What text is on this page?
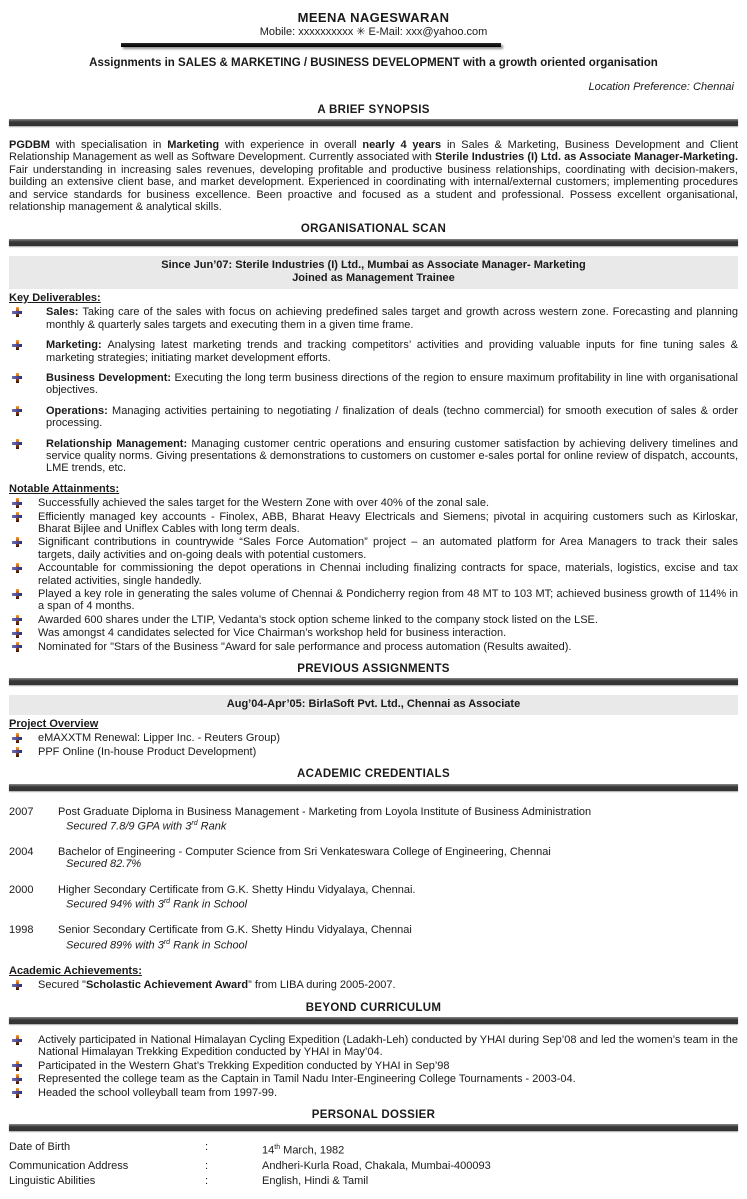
MEENA NAGESWARAN
Mobile: xxxxxxxxxx ✳ E-Mail: xxx@yahoo.com
Assignments in SALES & MARKETING / BUSINESS DEVELOPMENT with a growth oriented organisation
Location Preference: Chennai
A BRIEF SYNOPSIS
PGDBM with specialisation in Marketing with experience in overall nearly 4 years in Sales & Marketing, Business Development and Client Relationship Management as well as Software Development. Currently associated with Sterile Industries (I) Ltd. as Associate Manager-Marketing. Fair understanding in increasing sales revenues, developing profitable and productive business relationships, coordinating with decision-makers, building an extensive client base, and market development. Experienced in coordinating with internal/external customers; implementing procedures and service standards for business excellence. Been proactive and focused as a student and professional. Possess excellent organisational, relationship management & analytical skills.
ORGANISATIONAL SCAN
Since Jun’07: Sterile Industries (I) Ltd., Mumbai as Associate Manager- Marketing
Joined as Management Trainee
Key Deliverables:
Sales: Taking care of the sales with focus on achieving predefined sales target and growth across western zone. Forecasting and planning monthly & quarterly sales targets and executing them in a given time frame.
Marketing: Analysing latest marketing trends and tracking competitors’ activities and providing valuable inputs for fine tuning sales & marketing strategies; initiating market development efforts.
Business Development: Executing the long term business directions of the region to ensure maximum profitability in line with organisational objectives.
Operations: Managing activities pertaining to negotiating / finalization of deals (techno commercial) for smooth execution of sales & order processing.
Relationship Management: Managing customer centric operations and ensuring customer satisfaction by achieving delivery timelines and service quality norms. Giving presentations & demonstrations to customers on customer e-sales portal for online review of dispatch, accounts, LME trends, etc.
Notable Attainments:
Successfully achieved the sales target for the Western Zone with over 40% of the zonal sale.
Efficiently managed key accounts - Finolex, ABB, Bharat Heavy Electricals and Siemens; pivotal in acquiring customers such as Kirloskar, Bharat Bijlee and Uniflex Cables with long term deals.
Significant contributions in countrywide “Sales Force Automation” project – an automated platform for Area Managers to track their sales targets, daily activities and on-going deals with potential customers.
Accountable for commissioning the depot operations in Chennai including finalizing contracts for space, materials, logistics, excise and tax related activities, single handedly.
Played a key role in generating the sales volume of Chennai & Pondicherry region from 48 MT to 103 MT; achieved business growth of 114% in a span of 4 months.
Awarded 600 shares under the LTIP, Vedanta’s stock option scheme linked to the company stock listed on the LSE.
Was amongst 4 candidates selected for Vice Chairman’s workshop held for business interaction.
Nominated for "Stars of the Business "Award for sale performance and process automation (Results awaited).
PREVIOUS ASSIGNMENTS
Aug’04-Apr’05: BirlaSoft Pvt. Ltd., Chennai as Associate
Project Overview
eMAXXTM Renewal: Lipper Inc. - Reuters Group)
PPF Online (In-house Product Development)
ACADEMIC CREDENTIALS
2007	Post Graduate Diploma in Business Management - Marketing from Loyola Institute of Business Administration
Secured 7.8/9 GPA with 3rd Rank
2004	Bachelor of Engineering - Computer Science from Sri Venkateswara College of Engineering, Chennai
Secured 82.7%
2000	Higher Secondary Certificate from G.K. Shetty Hindu Vidyalaya, Chennai.
Secured 94% with 3rd Rank in School
1998	Senior Secondary Certificate from G.K. Shetty Hindu Vidyalaya, Chennai
Secured 89% with 3rd Rank in School
Academic Achievements:
Secured "Scholastic Achievement Award” from LIBA during 2005-2007.
BEYOND CURRICULUM
Actively participated in National Himalayan Cycling Expedition (Ladakh-Leh) conducted by YHAI during Sep’08 and led the women’s team in the National Himalayan Trekking Expedition conducted by YHAI in May’04.
Participated in the Western Ghat’s Trekking Expedition conducted by YHAI in Sep’98
Represented the college team as the Captain in Tamil Nadu Inter-Engineering College Tournaments - 2003-04.
Headed the school volleyball team from 1997-99.
PERSONAL DOSSIER
Date of Birth	:	14th March, 1982
Communication Address	:	Andheri-Kurla Road, Chakala, Mumbai-400093
Linguistic Abilities	:	English, Hindi & Tamil
